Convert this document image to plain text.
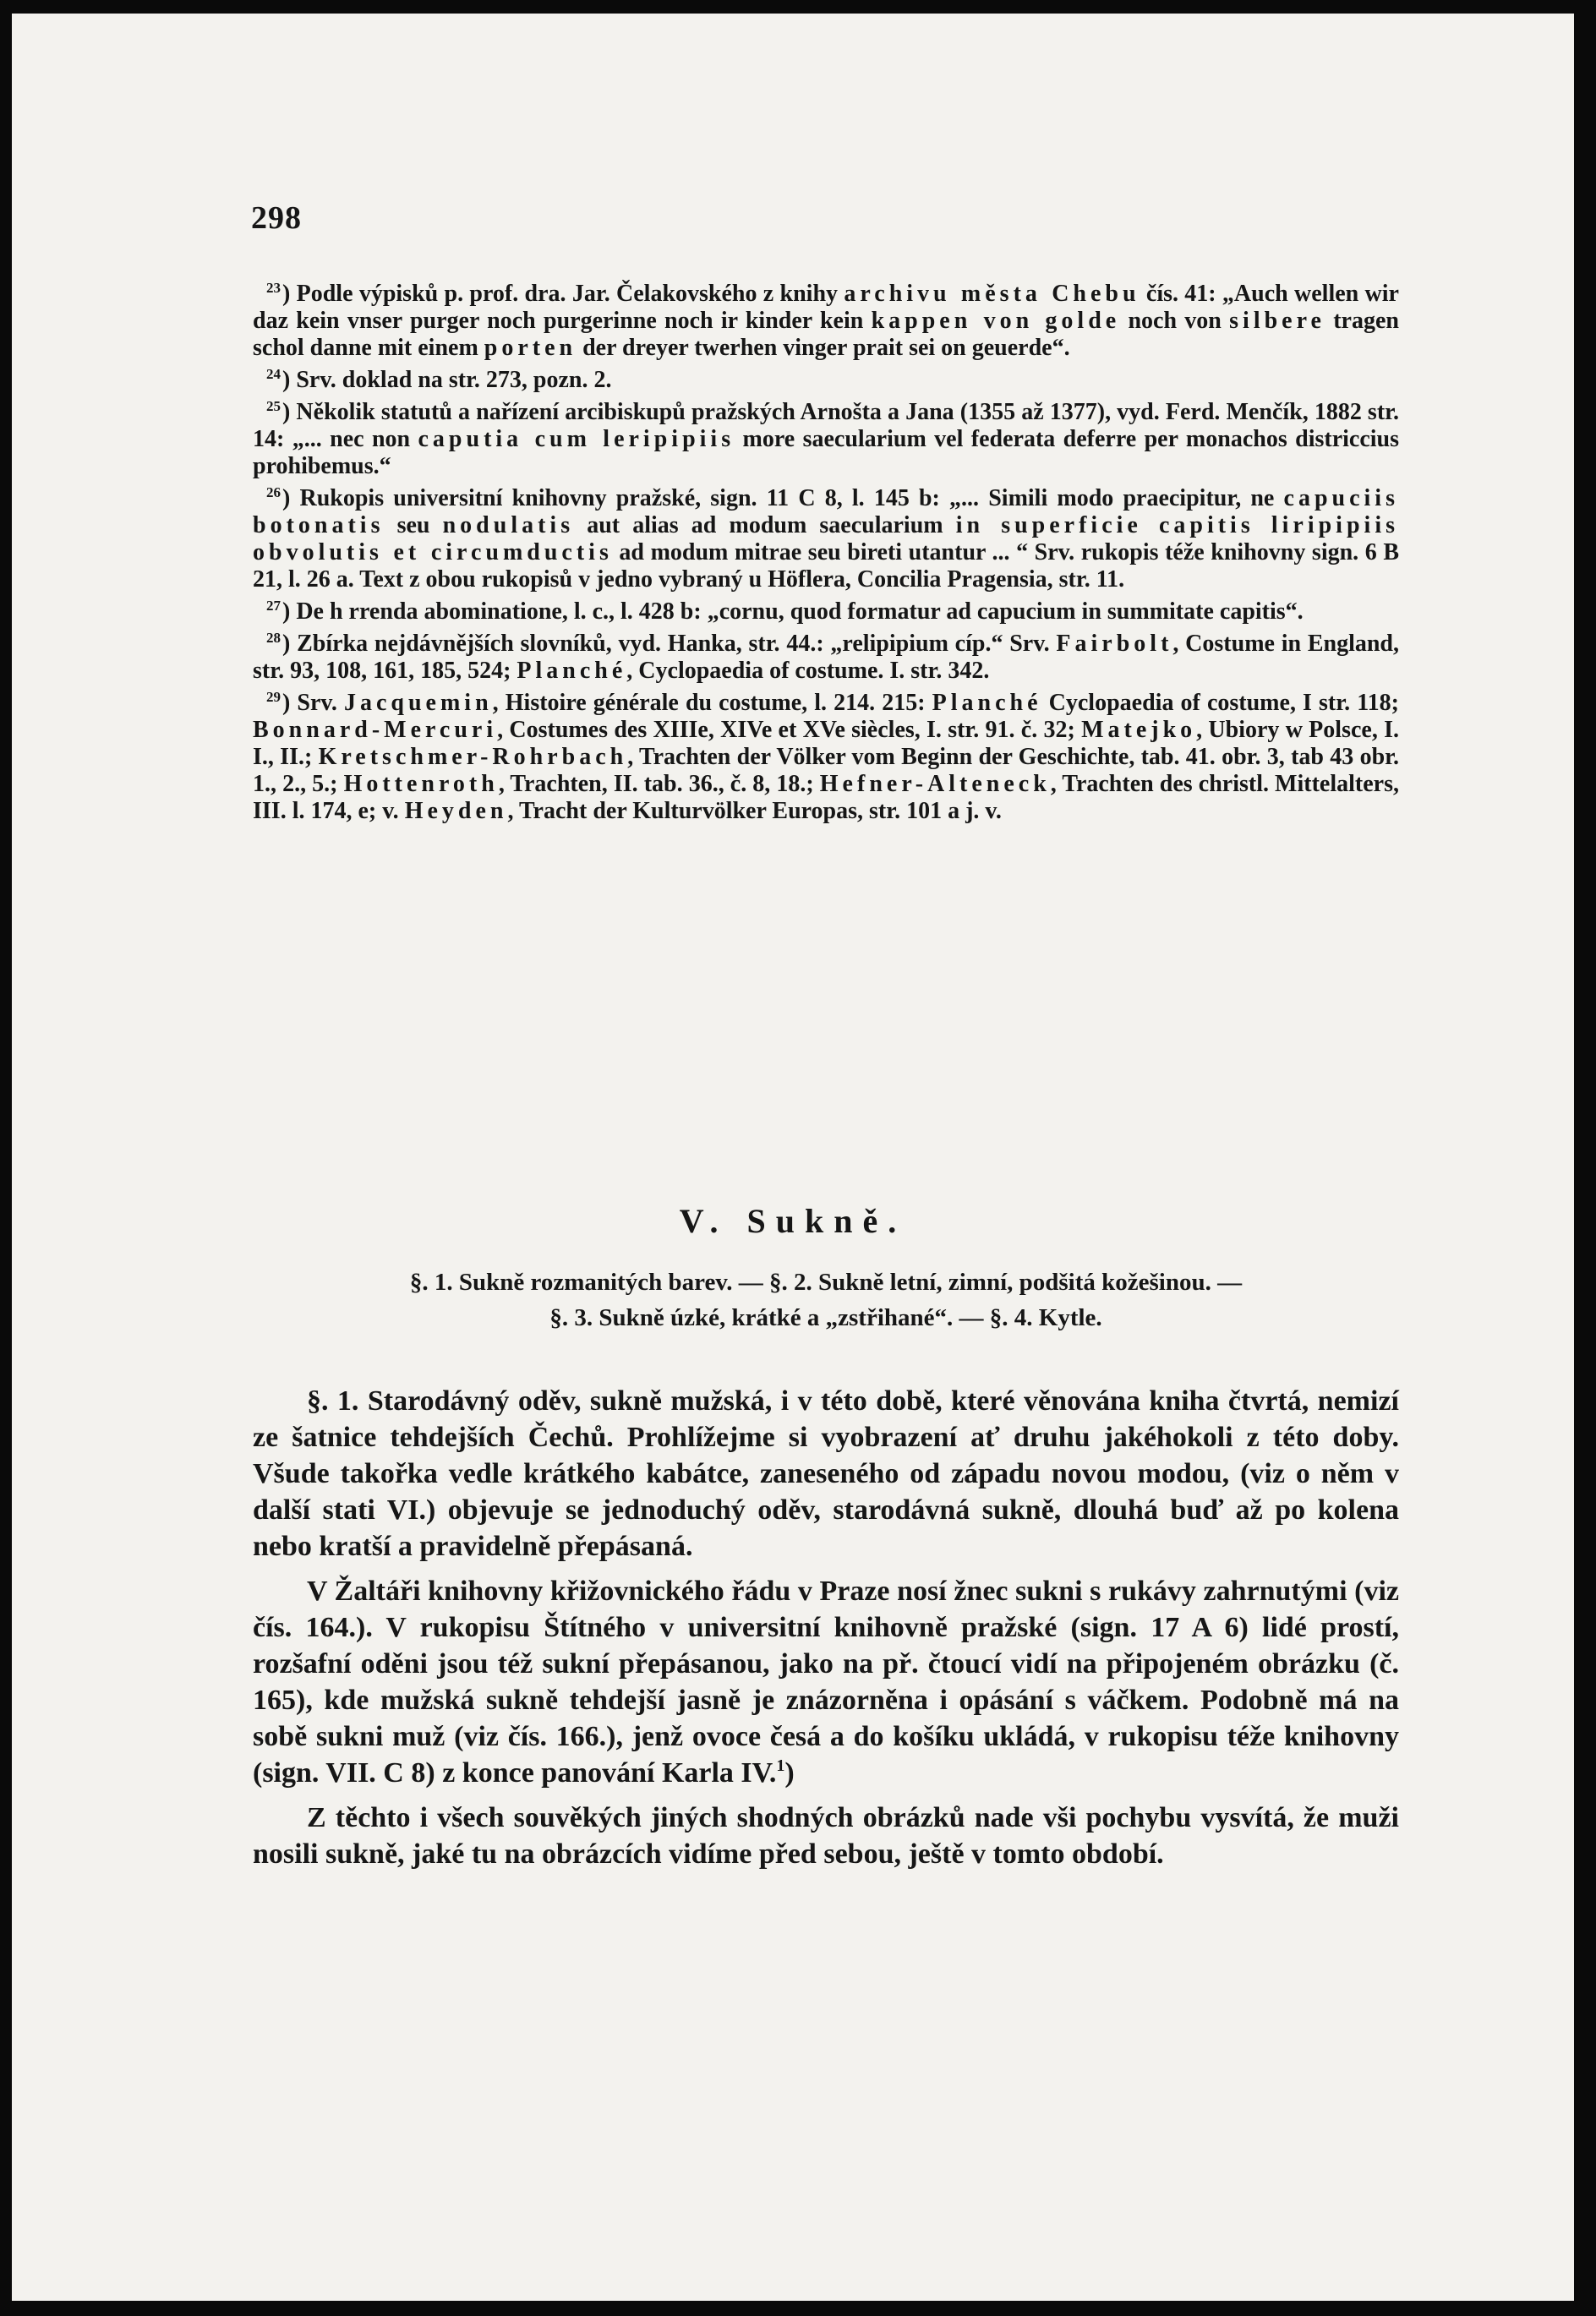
298

$^{23}$) Podle výpisků p. prof. dra. Jar. Čelakovského z knihy archivu města Chebu čís. 41: „Auch wellen wir daz kein vnser purger noch purgerinne noch ir kinder kein kappen von golde noch von silbere tragen schol danne mit einem porten der dreyer twerhen vinger prait sei on geuerde“.

$^{24}$) Srv. doklad na str. 273, pozn. 2.

$^{25}$) Několik statutů a nařízení arcibiskupů pražských Arnošta a Jana (1355 až 1377), vyd. Ferd. Menčík, 1882 str. 14: „... nec non caputia cum leripipiis more saecularium vel federata deferre per monachos districcius prohibemus.“

$^{26}$) Rukopis universitní knihovny pražské, sign. 11 C 8, l. 145 b: „... Simili modo praecipitur, ne capuciis botonatis seu nodulatis aut alias ad modum saecularium in superficie capitis liripipiis obvolutis et circumductis ad modum mitrae seu bireti utantur ... “ Srv. rukopis téže knihovny sign. 6 B 21, l. 26 a. Text z obou rukopisů v jedno vybraný u Höflera, Concilia Pragensia, str. 11.

$^{27}$) De h rrenda abominatione, l. c., l. 428 b: „cornu, quod formatur ad capucium in summitate capitis“.

$^{28}$) Zbírka nejdávnějších slovníků, vyd. Hanka, str. 44.: „relipipium cíp.“ Srv. Fairbolt, Costume in England, str. 93, 108, 161, 185, 524; Planché, Cyclopaedia of costume. I. str. 342.

$^{29}$) Srv. Jacquemin, Histoire générale du costume, l. 214. 215: Planché Cyclopaedia of costume, I str. 118; Bonnard-Mercuri, Costumes des XIIIe, XIVe et XVe siècles, I. str. 91. č. 32; Matejko, Ubiory w Polsce, I. I., II.; Kretschmer-Rohrbach, Trachten der Völker vom Beginn der Geschichte, tab. 41. obr. 3, tab 43 obr. 1., 2., 5.; Hottenroth, Trachten, II. tab. 36., č. 8, 18.; Hefner-Alteneck, Trachten des christl. Mittelalters, III. l. 174, e; v. Heyden, Tracht der Kulturvölker Europas, str. 101 a j. v.

V. Sukně.
§. 1. Sukně rozmanitých barev. — §. 2. Sukně letní, zimní, podšitá kožešinou. —
§. 3. Sukně úzké, krátké a „zstřihané“. — §. 4. Kytle.

§. 1. Starodávný oděv, sukně mužská, i v této době, které věnována kniha čtvrtá, nemizí ze šatnice tehdejších Čechů. Prohlížejme si vyobrazení ať druhu jakéhokoli z této doby. Všude takořka vedle krátkého kabátce, zaneseného od západu novou modou, (viz o něm v další stati VI.) objevuje se jednoduchý oděv, starodávná sukně, dlouhá buď až po kolena nebo kratší a pravidelně přepásaná.

V Žaltáři knihovny křižovnického řádu v Praze nosí žnec sukni s rukávy zahrnutými (viz čís. 164.). V rukopisu Štítného v universitní knihovně pražské (sign. 17 A 6) lidé prostí, rozšafní oděni jsou též sukní přepásanou, jako na př. čtoucí vidí na připojeném obrázku (č. 165), kde mužská sukně tehdejší jasně je znázorněna i opásání s váčkem. Podobně má na sobě sukni muž (viz čís. 166.), jenž ovoce česá a do košíku ukládá, v rukopisu téže knihovny (sign. VII. C 8) z konce panování Karla IV.$^1$)

Z těchto i všech souvěkých jiných shodných obrázků nade vši pochybu vysvítá, že muži nosili sukně, jaké tu na obrázcích vidíme před sebou, ještě v tomto období.
